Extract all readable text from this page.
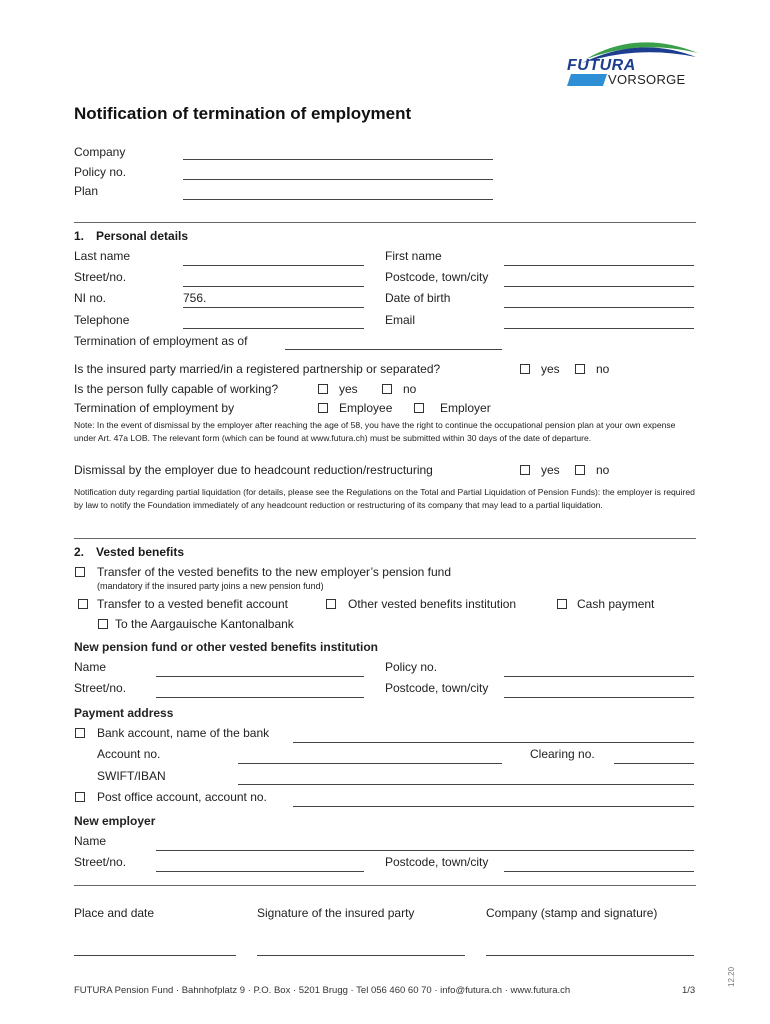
FUTURA
VORSORGE
Notification of termination of employment
Company
Policy no.
Plan
1. Personal details
Last name	First name
Street/no.	Postcode, town/city
NI no.	756.	Date of birth
Telephone	Email
Termination of employment as of
Is the insured party married/in a registered partnership or separated?	yes	no
Is the person fully capable of working?	yes	no
Termination of employment by	Employee	Employer
Note: In the event of dismissal by the employer after reaching the age of 58, you have the right to continue the occupational pension plan at your own expense under Art. 47a LOB. The relevant form (which can be found at www.futura.ch) must be submitted within 30 days of the date of departure.
Dismissal by the employer due to headcount reduction/restructuring	yes	no
Notification duty regarding partial liquidation (for details, please see the Regulations on the Total and Partial Liquidation of Pension Funds): the employer is required by law to notify the Foundation immediately of any headcount reduction or restructuring of its company that may lead to a partial liquidation.
2. Vested benefits
Transfer of the vested benefits to the new employer’s pension fund
(mandatory if the insured party joins a new pension fund)
Transfer to a vested benefit account	Other vested benefits institution	Cash payment
To the Aargauische Kantonalbank
New pension fund or other vested benefits institution
Name	Policy no.
Street/no.	Postcode, town/city
Payment address
Bank account, name of the bank
Account no.	Clearing no.
SWIFT/IBAN
Post office account, account no.
New employer
Name
Street/no.	Postcode, town/city
Place and date	Signature of the insured party	Company (stamp and signature)
FUTURA Pension Fund · Bahnhofplatz 9 · P.O. Box · 5201 Brugg · Tel 056 460 60 70 · info@futura.ch · www.futura.ch	1/3
12.20
